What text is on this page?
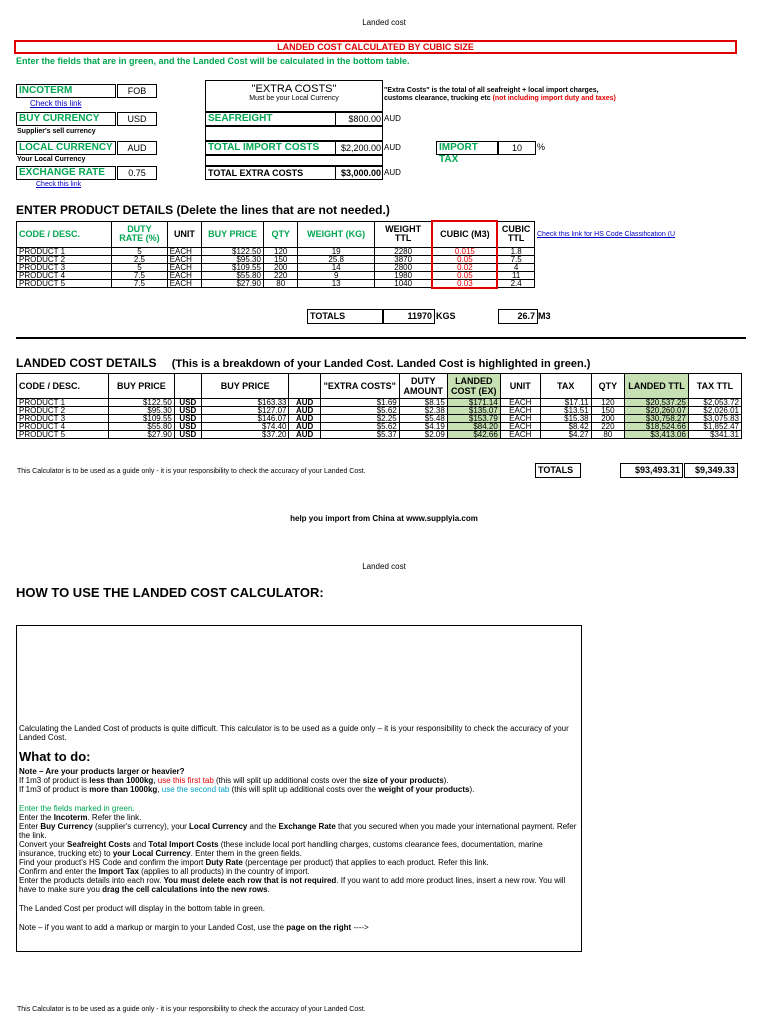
Landed cost
LANDED COST CALCULATED BY CUBIC SIZE
Enter the fields that are in green, and the Landed Cost will be calculated in the bottom table.
INCOTERM	FOB
Check this link
BUY CURRENCY	USD
Supplier's sell currency
LOCAL CURRENCY	AUD
Your Local Currency
EXCHANGE RATE	0.75
Check this link
"EXTRA COSTS"
Must be your Local Currency
SEAFREIGHT	$800.00 AUD
TOTAL IMPORT COSTS	$2,200.00 AUD
TOTAL EXTRA COSTS	$3,000.00 AUD
"Extra Costs" is the total of all seafreight + local import charges, customs clearance, trucking etc (not including import duty and taxes)
IMPORT TAX
10	%
ENTER PRODUCT DETAILS (Delete the lines that are not needed.)
CODE / DESC.	DUTY RATE (%)	UNIT	BUY PRICE	QTY	WEIGHT (KG)	WEIGHT TTL	CUBIC (M3)	CUBIC TTL
PRODUCT 1	5	EACH	$122.50	120	19	2280	0.015	1.8
PRODUCT 2	2.5	EACH	$95.30	150	25.8	3870	0.05	7.5
PRODUCT 3	5	EACH	$109.55	200	14	2800	0.02	4
PRODUCT 4	7.5	EACH	$55.80	220	9	1980	0.05	11
PRODUCT 5	7.5	EACH	$27.90	80	13	1040	0.03	2.4
Check this link for HS Code Classification (U
TOTALS	11970 KGS	26.7 M3
LANDED COST DETAILS (This is a breakdown of your Landed Cost. Landed Cost is highlighted in green.)
CODE / DESC.	BUY PRICE		BUY PRICE		"EXTRA COSTS"	DUTY AMOUNT	LANDED COST (EX)	UNIT	TAX	QTY	LANDED TTL	TAX TTL
PRODUCT 1	$122.50	USD	$163.33	AUD	$1.69	$8.15	$171.14	EACH	$17.11	120	$20,537.25	$2,053.72
PRODUCT 2	$95.30	USD	$127.07	AUD	$5.62	$2.38	$135.07	EACH	$13.51	150	$20,260.07	$2,026.01
PRODUCT 3	$109.55	USD	$146.07	AUD	$2.25	$5.48	$153.79	EACH	$15.38	200	$30,758.27	$3,075.83
PRODUCT 4	$55.80	USD	$74.40	AUD	$5.62	$4.19	$84.20	EACH	$8.42	220	$18,524.66	$1,852.47
PRODUCT 5	$27.90	USD	$37.20	AUD	$5.37	$2.09	$42.66	EACH	$4.27	80	$3,413.06	$341.31
This Calculator is to be used as a guide only - it is your responsibility to check the accuracy of your Landed Cost.	TOTALS	$93,493.31	$9,349.33
help you import from China at www.supplyia.com
Landed cost
HOW TO USE THE LANDED COST CALCULATOR:

Calculating the Landed Cost of products is quite difficult. This calculator is to be used as a guide only – it is your responsibility to check the accuracy of your Landed Cost.

What to do:

Note – Are your products larger or heavier?

If 1m3 of product is less than 1000kg, use this first tab (this will split up additional costs over the size of your products).

If 1m3 of product is more than 1000kg, use the second tab (this will split up additional costs over the weight of your products).

Enter the fields marked in green.

Enter the Incoterm. Refer the link.

Enter Buy Currency (supplier's currency), your Local Currency and the Exchange Rate that you secured when you made your international payment. Refer the link.

Convert your Seafreight Costs and Total Import Costs (these include local port handling charges, customs clearance fees, documentation, marine insurance, trucking etc) to your Local Currency. Enter them in the green fields.

Find your product's HS Code and confirm the import Duty Rate (percentage per product) that applies to each product. Refer this link.

Confirm and enter the Import Tax (applies to all products) in the country of import.

Enter the products details into each row. You must delete each row that is not required. If you want to add more product lines, insert a new row. You will have to make sure you drag the cell calculations into the new rows.

The Landed Cost per product will display in the bottom table in green.

Note – if you want to add a markup or margin to your Landed Cost, use the page on the right ---->

This Calculator is to be used as a guide only - it is your responsibility to check the accuracy of your Landed Cost.
